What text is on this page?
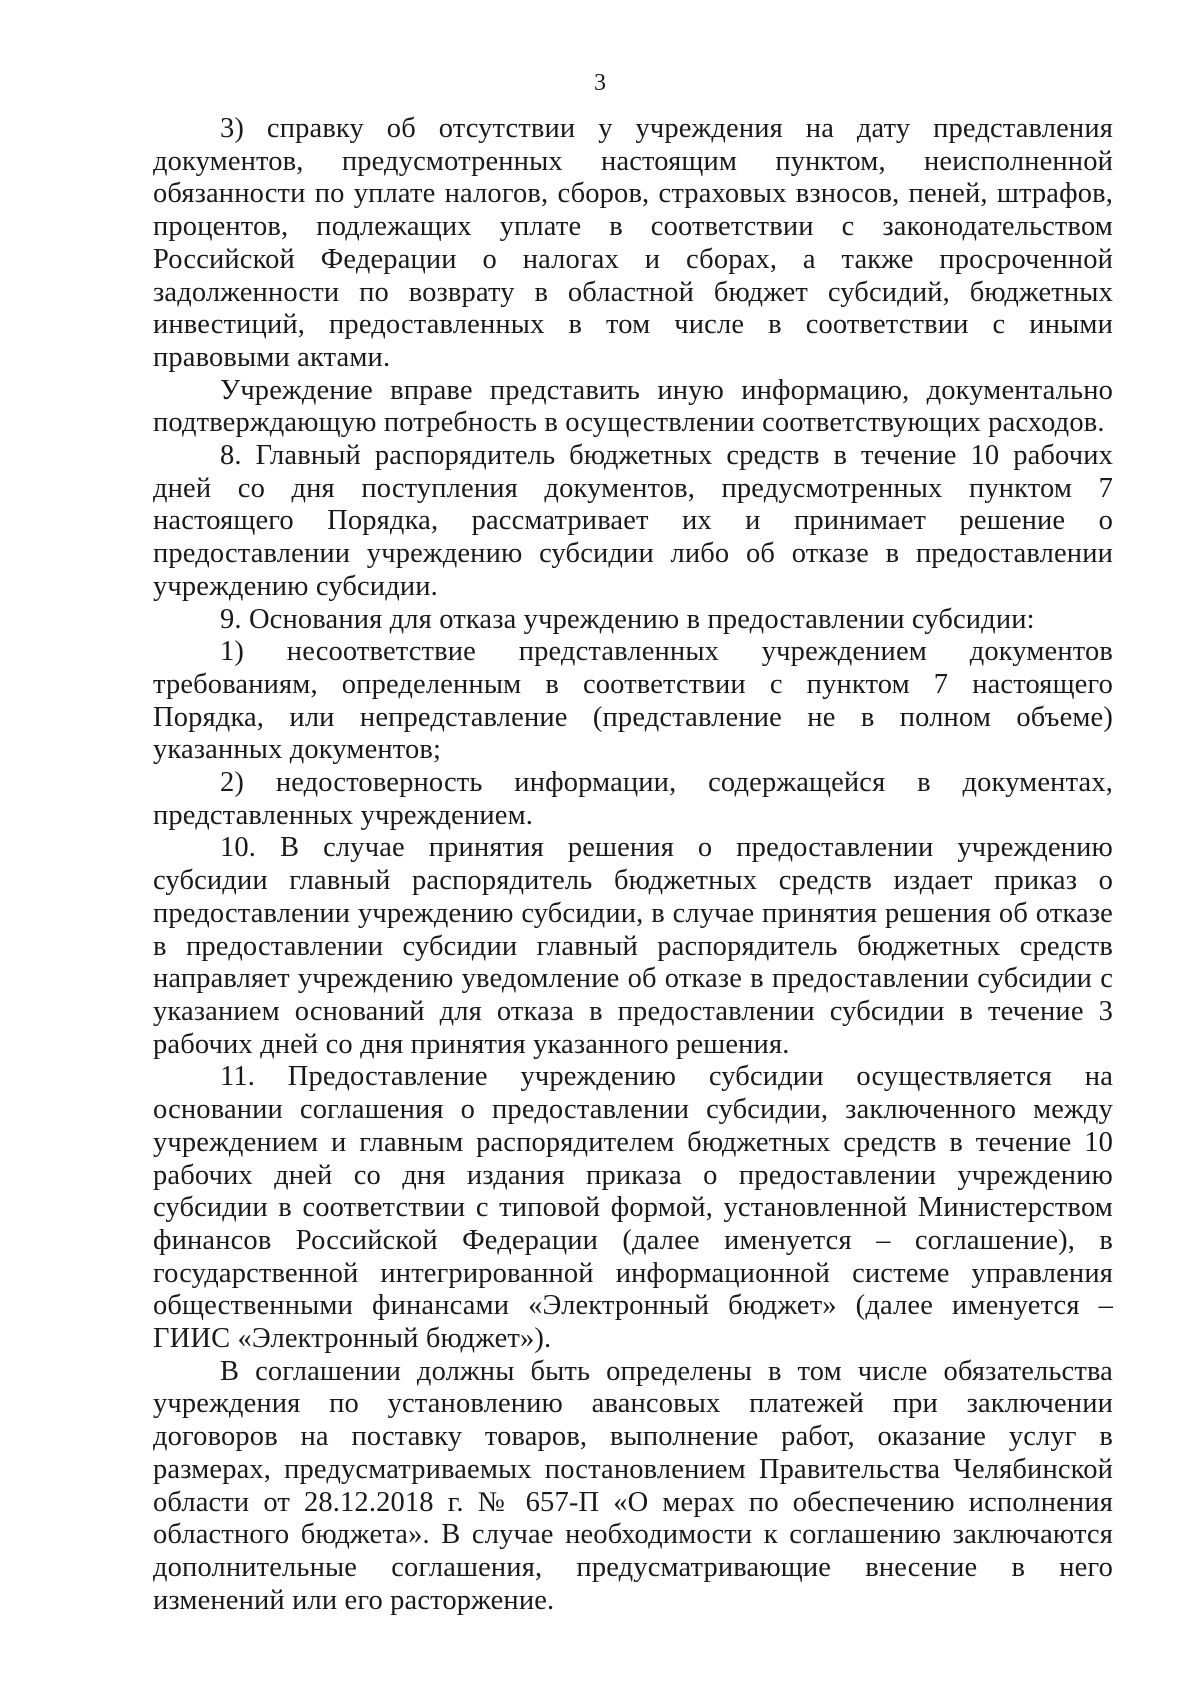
3

3) справку об отсутствии у учреждения на дату представления документов, предусмотренных настоящим пунктом, неисполненной обязанности по уплате налогов, сборов, страховых взносов, пеней, штрафов, процентов, подлежащих уплате в соответствии с законодательством Российской Федерации о налогах и сборах, а также просроченной задолженности по возврату в областной бюджет субсидий, бюджетных инвестиций, предоставленных в том числе в соответствии с иными правовыми актами.

Учреждение вправе представить иную информацию, документально подтверждающую потребность в осуществлении соответствующих расходов.

8. Главный распорядитель бюджетных средств в течение 10 рабочих дней со дня поступления документов, предусмотренных пунктом 7 настоящего Порядка, рассматривает их и принимает решение о предоставлении учреждению субсидии либо об отказе в предоставлении учреждению субсидии.

9. Основания для отказа учреждению в предоставлении субсидии:

1) несоответствие представленных учреждением документов требованиям, определенным в соответствии с пунктом 7 настоящего Порядка, или непредставление (представление не в полном объеме) указанных документов;

2) недостоверность информации, содержащейся в документах, представленных учреждением.

10. В случае принятия решения о предоставлении учреждению субсидии главный распорядитель бюджетных средств издает приказ о предоставлении учреждению субсидии, в случае принятия решения об отказе в предоставлении субсидии главный распорядитель бюджетных средств направляет учреждению уведомление об отказе в предоставлении субсидии с указанием оснований для отказа в предоставлении субсидии в течение 3 рабочих дней со дня принятия указанного решения.

11. Предоставление учреждению субсидии осуществляется на основании соглашения о предоставлении субсидии, заключенного между учреждением и главным распорядителем бюджетных средств в течение 10 рабочих дней со дня издания приказа о предоставлении учреждению субсидии в соответствии с типовой формой, установленной Министерством финансов Российской Федерации (далее именуется – соглашение), в государственной интегрированной информационной системе управления общественными финансами «Электронный бюджет» (далее именуется – ГИИС «Электронный бюджет»).

В соглашении должны быть определены в том числе обязательства учреждения по установлению авансовых платежей при заключении договоров на поставку товаров, выполнение работ, оказание услуг в размерах, предусматриваемых постановлением Правительства Челябинской области от 28.12.2018 г. № 657-П «О мерах по обеспечению исполнения областного бюджета». В случае необходимости к соглашению заключаются дополнительные соглашения, предусматривающие внесение в него изменений или его расторжение.
